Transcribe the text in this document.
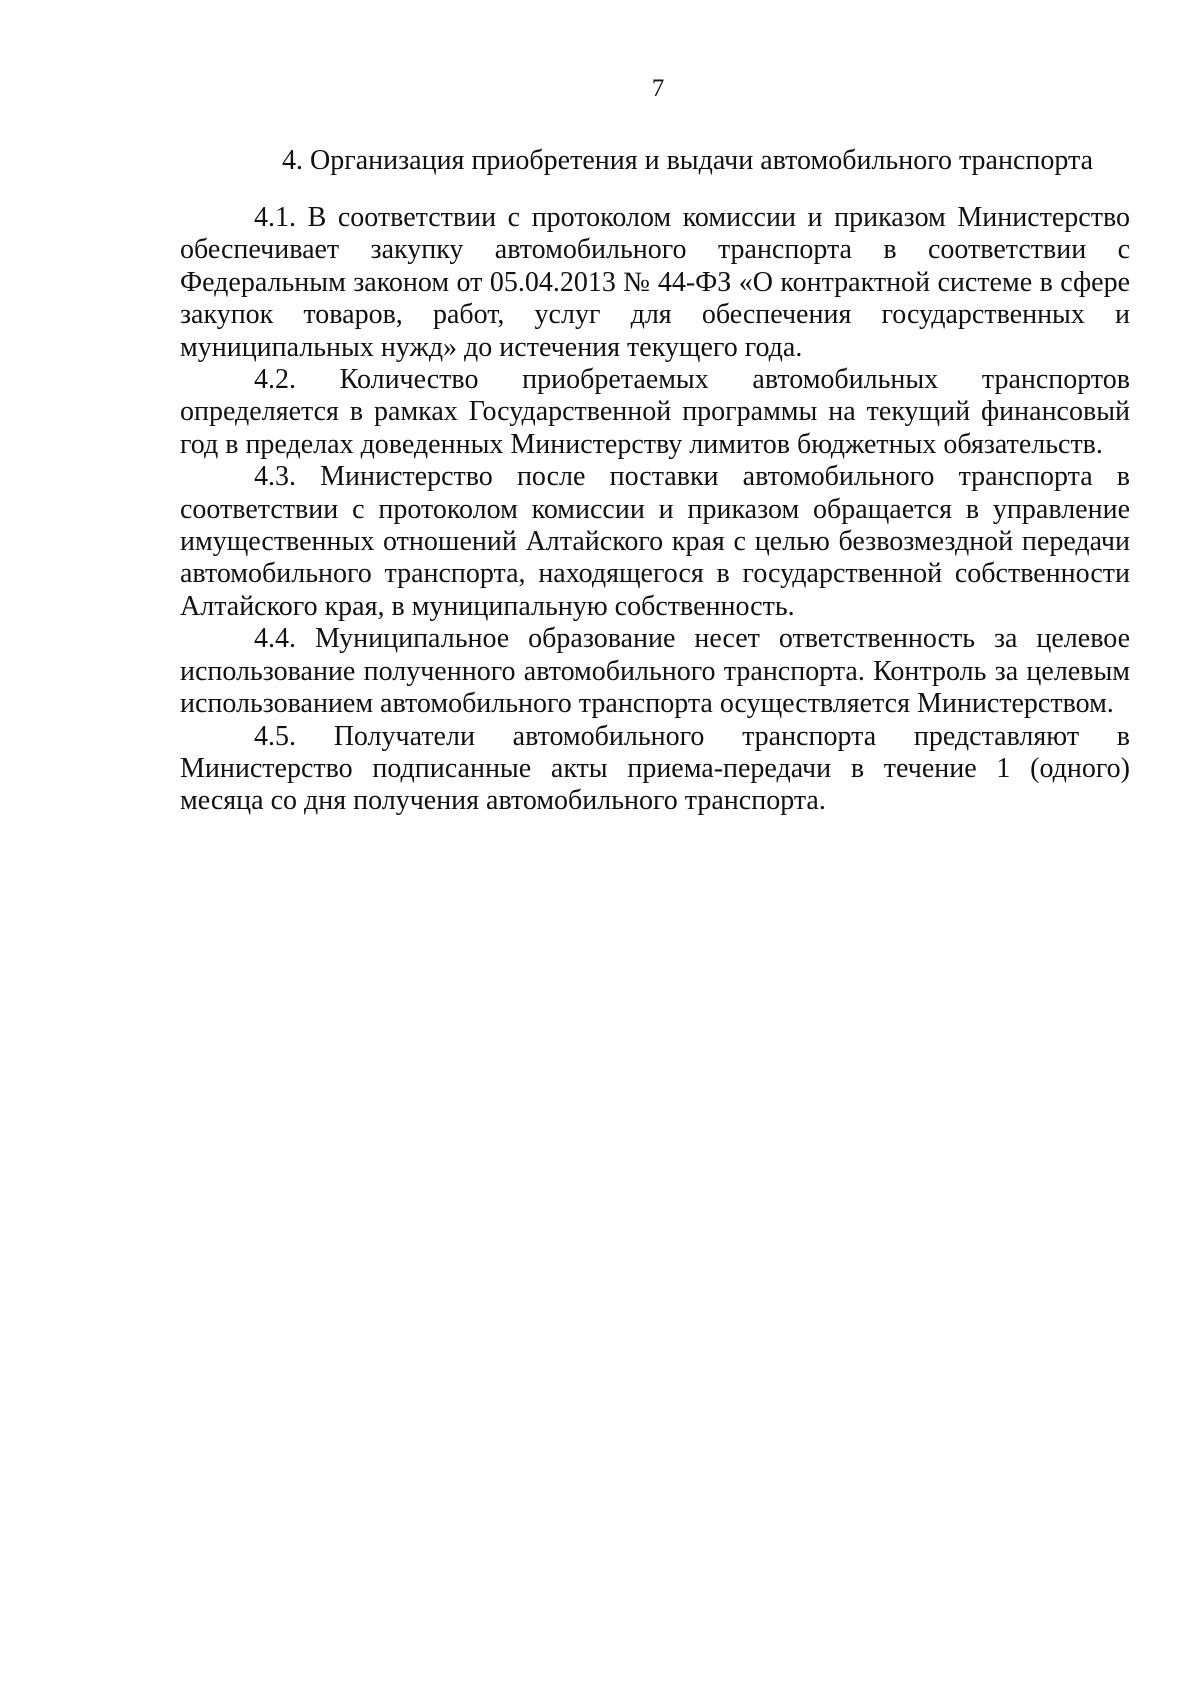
7
4. Организация приобретения и выдачи автомобильного транспорта

4.1. В соответствии с протоколом комиссии и приказом Министерство обеспечивает закупку автомобильного транспорта в соответствии с Федеральным законом от 05.04.2013 № 44-ФЗ «О контрактной системе в сфере закупок товаров, работ, услуг для обеспечения государственных и муниципальных нужд» до истечения текущего года.

4.2. Количество приобретаемых автомобильных транспортов определяется в рамках Государственной программы на текущий финансовый год в пределах доведенных Министерству лимитов бюджетных обязательств.

4.3. Министерство после поставки автомобильного транспорта в соответствии с протоколом комиссии и приказом обращается в управление имущественных отношений Алтайского края с целью безвозмездной передачи автомобильного транспорта, находящегося в государственной собственности Алтайского края, в муниципальную собственность.

4.4. Муниципальное образование несет ответственность за целевое использование полученного автомобильного транспорта. Контроль за целевым использованием автомобильного транспорта осуществляется Министерством.

4.5. Получатели автомобильного транспорта представляют в Министерство подписанные акты приема-передачи в течение 1 (одного) месяца со дня получения автомобильного транспорта.
